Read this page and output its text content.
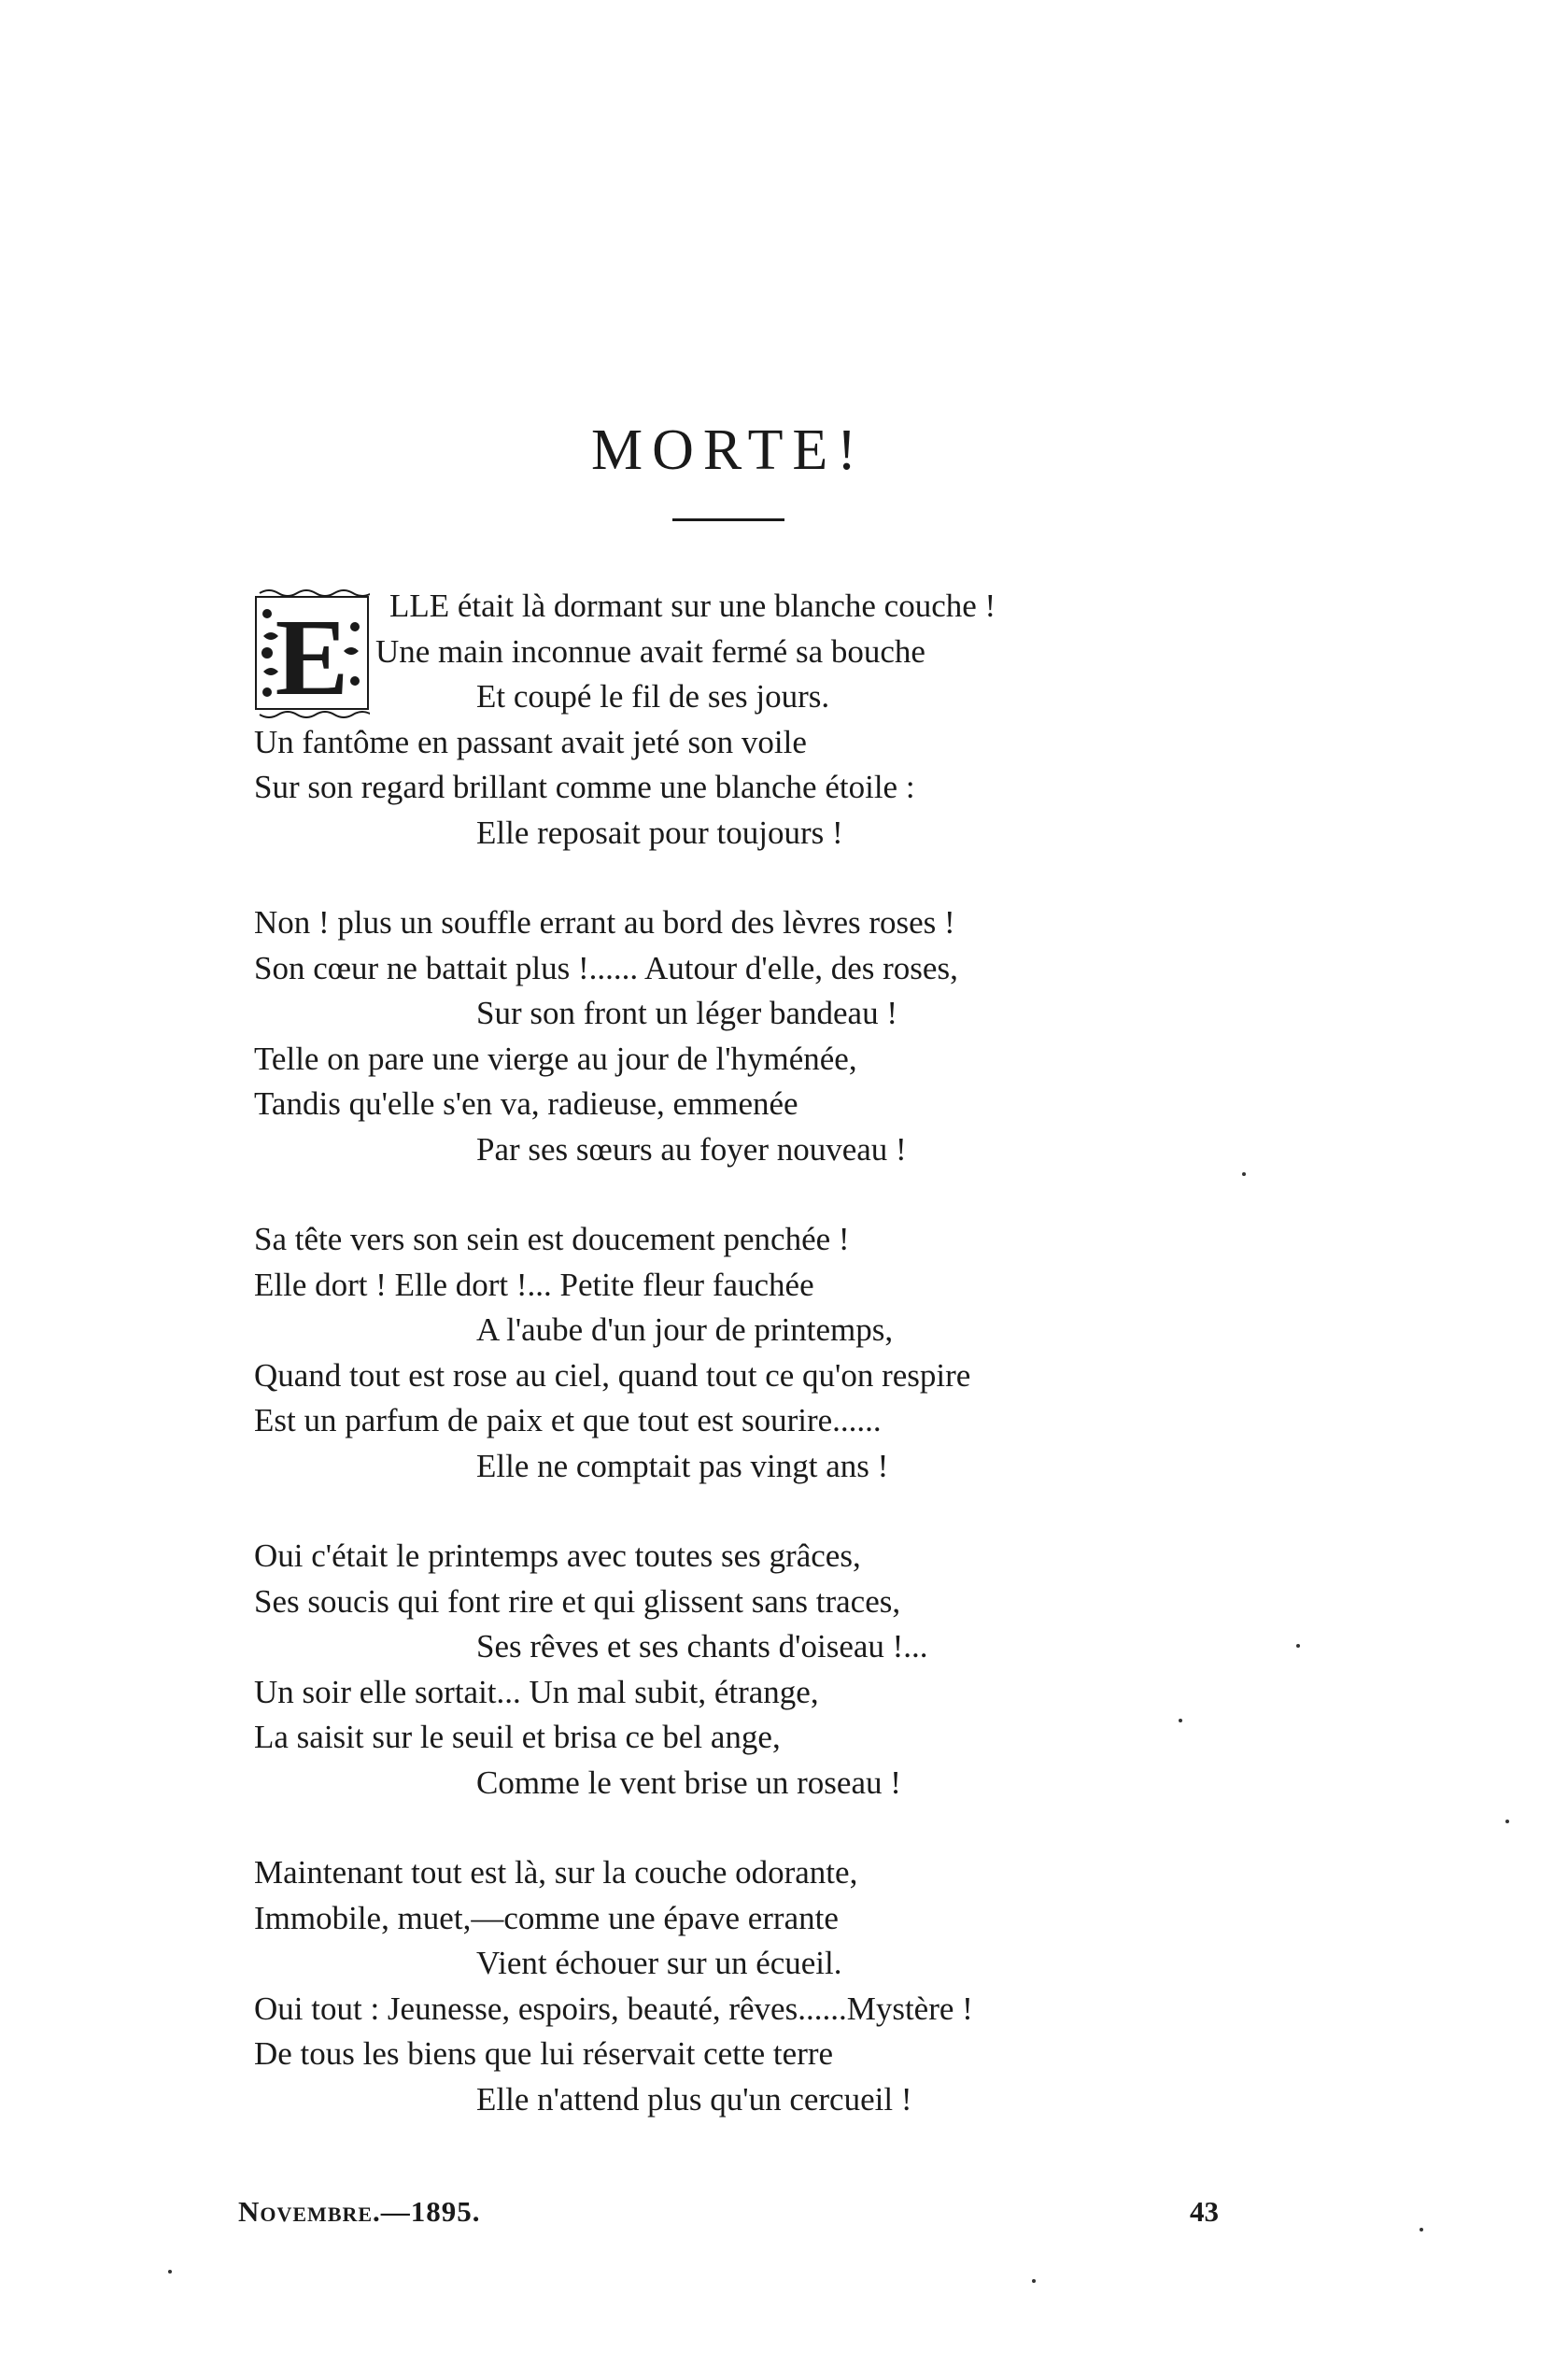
MORTE!
E	LLE était là dormant sur une blanche couche !
Une main inconnue avait fermé sa bouche
Et coupé le fil de ses jours.
Un fantôme en passant avait jeté son voile
Sur son regard brillant comme une blanche étoile :
Elle reposait pour toujours !
Non ! plus un souffle errant au bord des lèvres roses !
Son cœur ne battait plus !...... Autour d'elle, des roses,
Sur son front un léger bandeau !
Telle on pare une vierge au jour de l'hyménée,
Tandis qu'elle s'en va, radieuse, emmenée
Par ses sœurs au foyer nouveau !
Sa tête vers son sein est doucement penchée !
Elle dort ! Elle dort !... Petite fleur fauchée
A l'aube d'un jour de printemps,
Quand tout est rose au ciel, quand tout ce qu'on respire
Est un parfum de paix et que tout est sourire......
Elle ne comptait pas vingt ans !
Oui c'était le printemps avec toutes ses grâces,
Ses soucis qui font rire et qui glissent sans traces,
Ses rêves et ses chants d'oiseau !...
Un soir elle sortait... Un mal subit, étrange,
La saisit sur le seuil et brisa ce bel ange,
Comme le vent brise un roseau !
Maintenant tout est là, sur la couche odorante,
Immobile, muet,—comme une épave errante
Vient échouer sur un écueil.
Oui tout : Jeunesse, espoirs, beauté, rêves......Mystère !
De tous les biens que lui réservait cette terre
Elle n'attend plus qu'un cercueil !
Novembre.—1895.	43
